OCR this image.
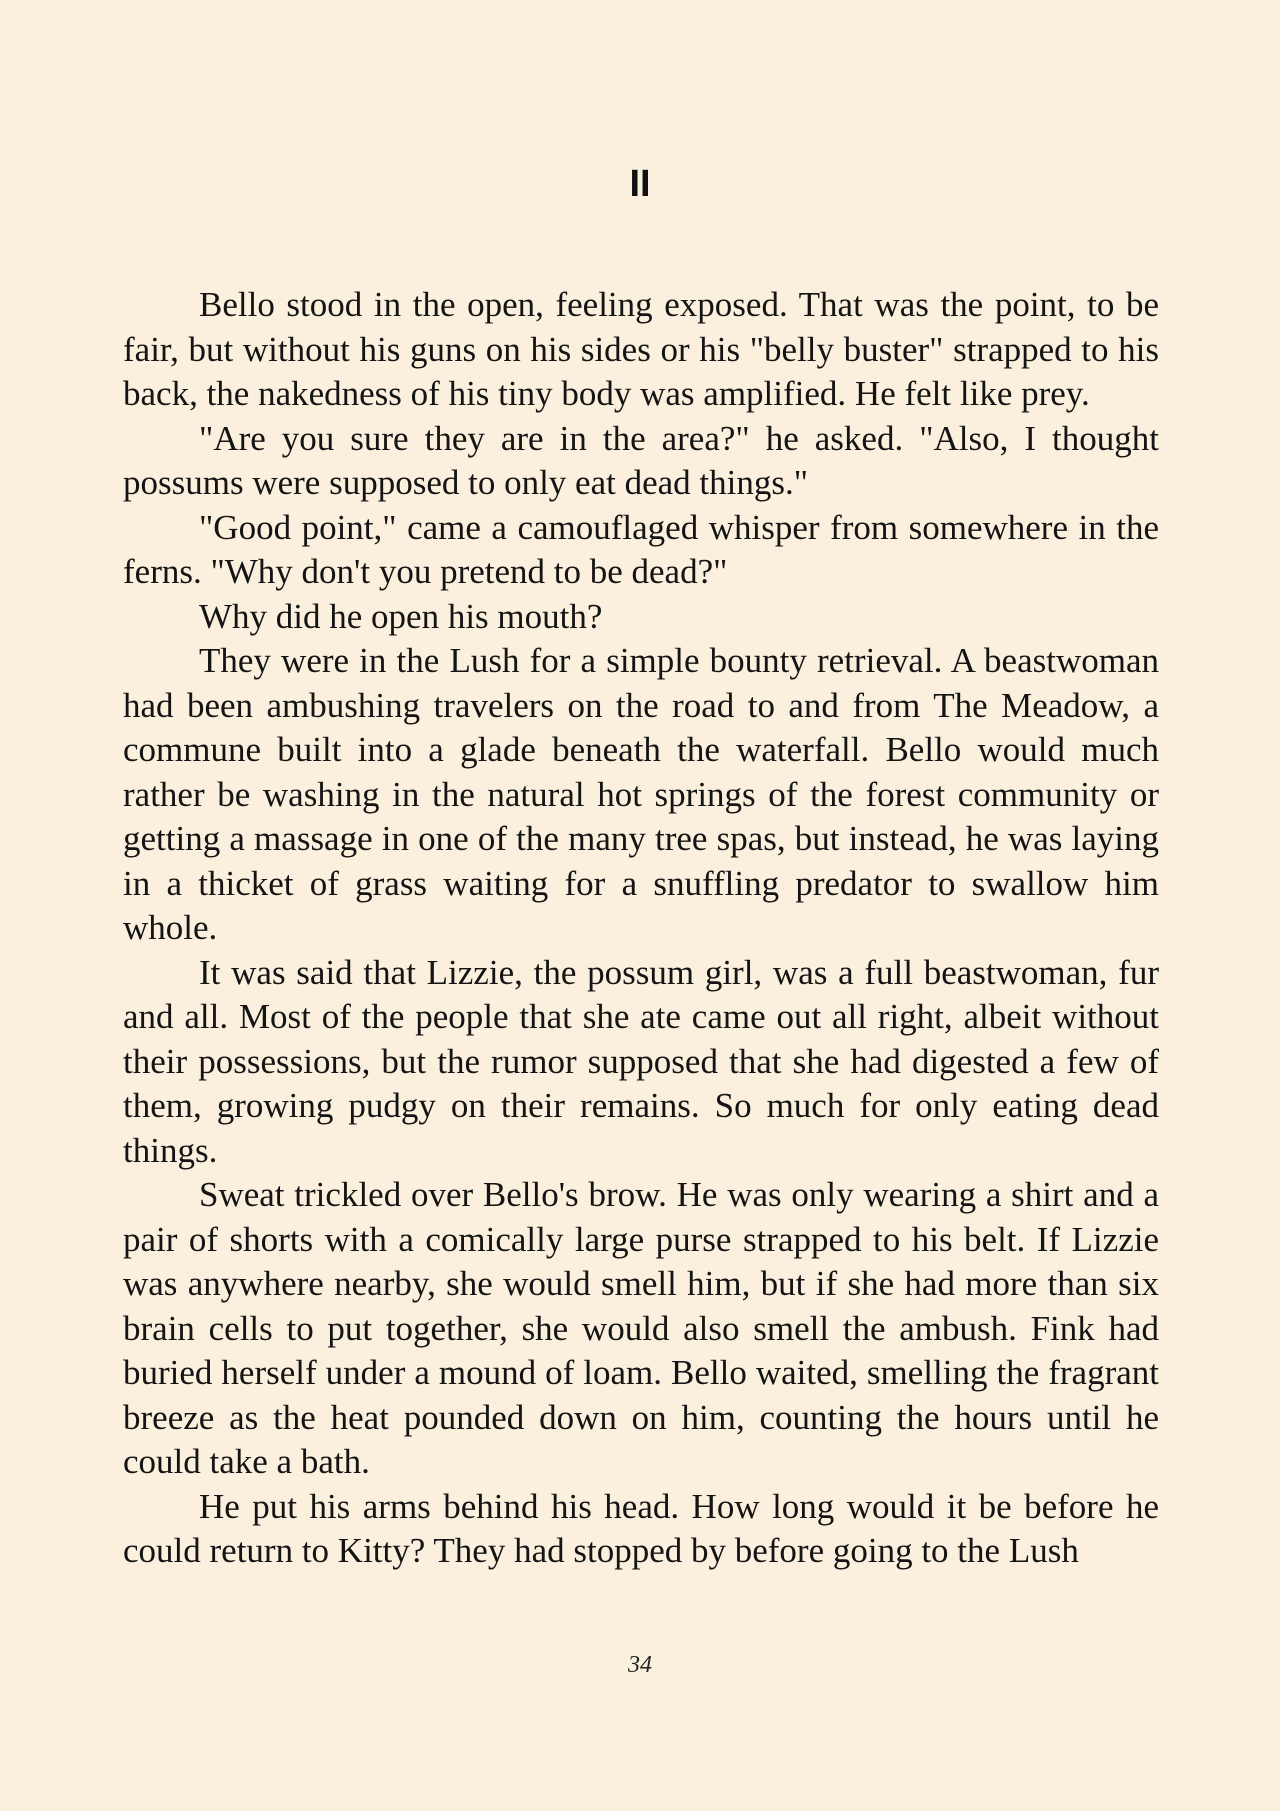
II

Bello stood in the open, feeling exposed. That was the point, to be fair, but without his guns on his sides or his "belly buster" strapped to his back, the nakedness of his tiny body was amplified. He felt like prey.

"Are you sure they are in the area?" he asked. "Also, I thought possums were supposed to only eat dead things."

"Good point," came a camouflaged whisper from somewhere in the ferns. "Why don't you pretend to be dead?"

Why did he open his mouth?

They were in the Lush for a simple bounty retrieval. A beastwoman had been ambushing travelers on the road to and from The Meadow, a commune built into a glade beneath the waterfall. Bello would much rather be washing in the natural hot springs of the forest community or getting a massage in one of the many tree spas, but instead, he was laying in a thicket of grass waiting for a snuffling predator to swallow him whole.

It was said that Lizzie, the possum girl, was a full beastwoman, fur and all. Most of the people that she ate came out all right, albeit without their possessions, but the rumor supposed that she had digested a few of them, growing pudgy on their remains. So much for only eating dead things.

Sweat trickled over Bello's brow. He was only wearing a shirt and a pair of shorts with a comically large purse strapped to his belt. If Lizzie was anywhere nearby, she would smell him, but if she had more than six brain cells to put together, she would also smell the ambush. Fink had buried herself under a mound of loam. Bello waited, smelling the fragrant breeze as the heat pounded down on him, counting the hours until he could take a bath.

He put his arms behind his head. How long would it be before he could return to Kitty? They had stopped by before going to the Lush

34
